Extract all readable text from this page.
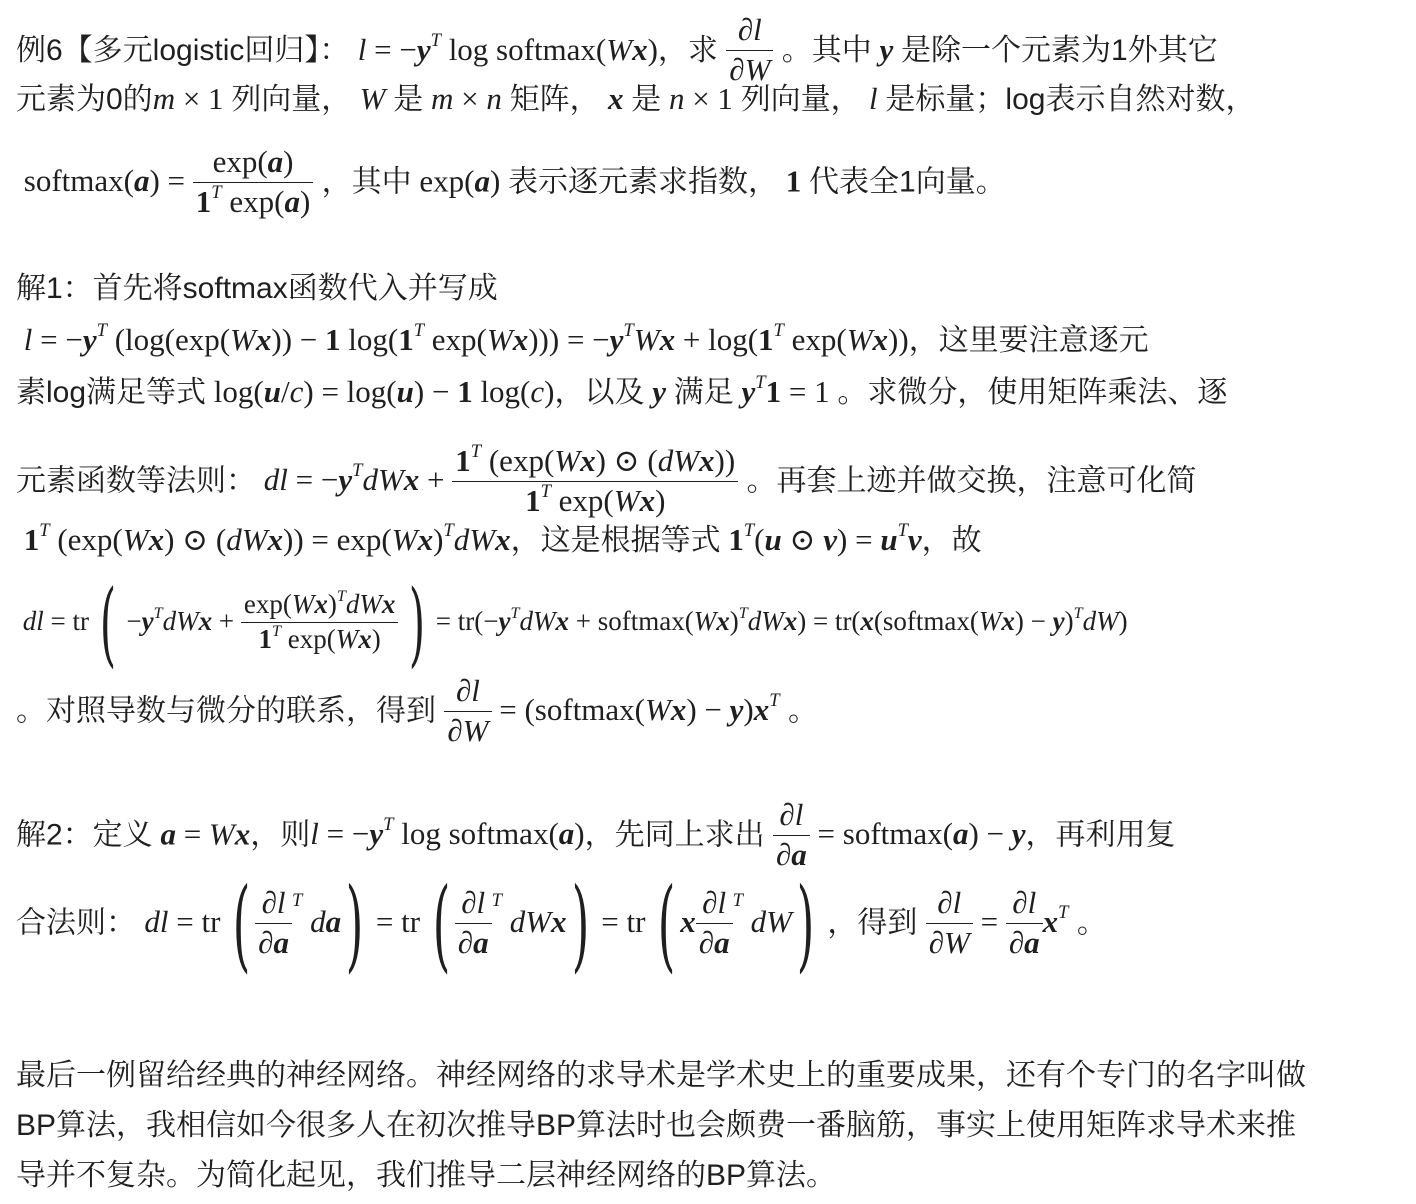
例6【多元logistic回归】： $l = -y^T$ log softmax(Wx)，求 $\frac{\partial l}{\partial W}$ 。其中 y 是除一个元素为1外其它
元素为0的m × 1 列向量， W 是 m × n 矩阵， x 是 n × 1 列向量， l 是标量；log表示自然对数，
softmax(a) = $\frac{\exp(a)}{1^T \exp(a)}$ ，其中 exp(a) 表示逐元素求指数， 1 代表全1向量。
解1：首先将softmax函数代入并写成
$l = -y^T$ (log(exp(Wx)) − 1 $\log(1^T$ $\exp(Wx))) = -y^TWx + \log(1^T$ exp(Wx))，这里要注意逐元
素log满足等式 log(u/c) = log(u) − 1 log(c)，以及 y 满足 $y^T1 = 1$ 。求微分，使用矩阵乘法、逐
元素函数等法则： dl = $-y^TdWx + \frac{1^T (\exp(Wx) ⊙ (dWx))}{1^T \exp(Wx)}$ 。再套上迹并做交换，注意可化简
$1^T$ (exp(Wx) ⊙ $(dWx)) = \exp(Wx)^TdWx$，这是根据等式 $1^T(u$ ⊙ $v) = u^Tv$，故
dl = tr ( $-y^TdWx + \frac{\exp(Wx)^TdWx}{1^T \exp(Wx)}$ ) = $tr(-y^TdWx$ + $softmax(Wx)^TdWx$) = tr(x(softmax(Wx) − y)$^T$dW)
。对照导数与微分的联系，得到 $\frac{\partial l}{\partial W}$ = (softmax(Wx) − $y)x^T$ 。
解2：定义 a = Wx，则$l = -y^T$ log softmax(a)，先同上求出 $\frac{\partial l}{\partial a}$ = softmax(a) − y，再利用复
合法则： dl = tr ( $\frac{\partial l}{\partial a} ^T$ da) = tr ( $\frac{\partial l}{\partial a} ^T$ dWx) = tr ( x $\frac{\partial l}{\partial a} ^T$ dW) ，得到 $\frac{\partial l}{\partial W} = \frac{\partial l}{\partial a} x^T$ 。
最后一例留给经典的神经网络。神经网络的求导术是学术史上的重要成果，还有个专门的名字叫做
BP算法，我相信如今很多人在初次推导BP算法时也会颇费一番脑筋，事实上使用矩阵求导术来推
导并不复杂。为简化起见，我们推导二层神经网络的BP算法。
